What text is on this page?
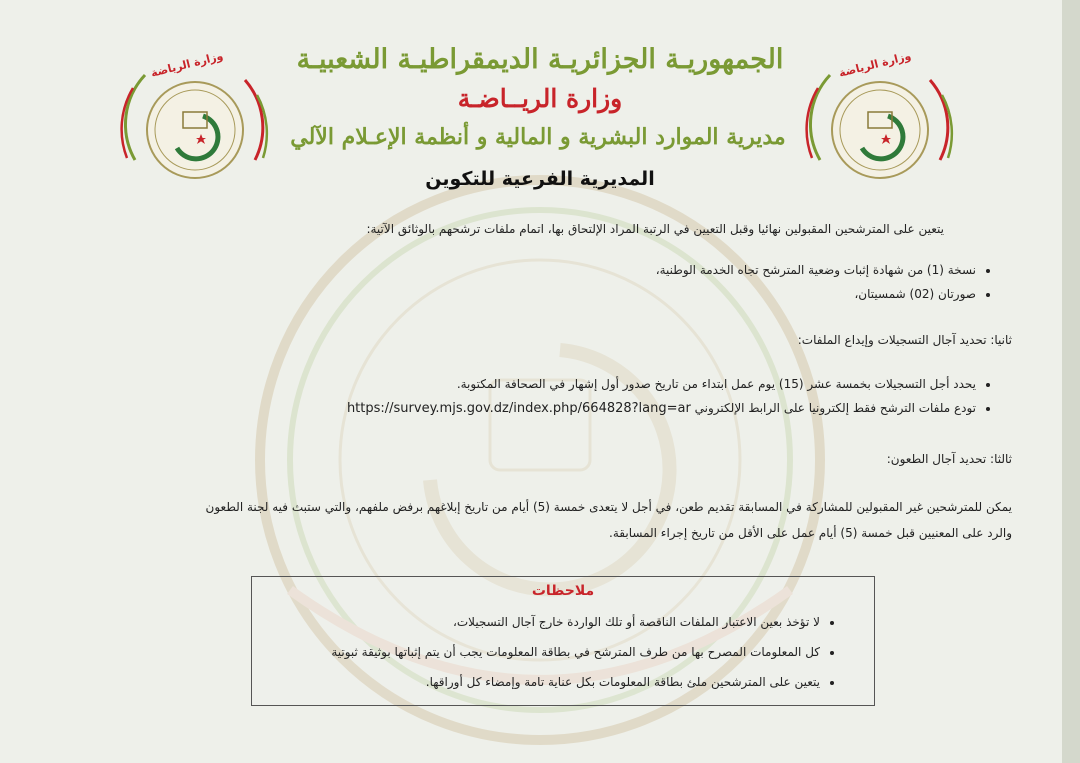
وزارة الرياضة	وزارة الرياضة
الجمهوريـة الجزائريـة الديمقراطيـة الشعبيـة
وزارة الريــاضـة
مديرية الموارد البشرية و المالية و أنظمة الإعـلام الآلي
المديرية الفرعية للتكوين
يتعين على المترشحين المقبولين نهائيا وقبل التعيين في الرتبة المراد الإلتحاق بها، اتمام ملفات ترشحهم بالوثائق الآتية:
• نسخة (1) من شهادة إثبات وضعية المترشح تجاه الخدمة الوطنية،
• صورتان (02) شمسيتان،
ثانيا: تحديد آجال التسجيلات وإيداع الملفات:
• يحدد أجل التسجيلات بخمسة عشر (15) يوم عمل ابتداء من تاريخ صدور أول إشهار في الصحافة المكتوبة.
• تودع ملفات الترشح فقط إلكترونيا على الرابط الإلكتروني https://survey.mjs.gov.dz/index.php/664828?lang=ar
ثالثا: تحديد آجال الطعون:
يمكن للمترشحين غير المقبولين للمشاركة في المسابقة تقديم طعن، في أجل لا يتعدى خمسة (5) أيام من تاريخ إبلاغهم برفض ملفهم، والتي ستبث فيه لجنة الطعون
والرد على المعنيين قبل خمسة (5) أيام عمل على الأقل من تاريخ إجراء المسابقة.
ملاحظات
• لا تؤخذ بعين الاعتبار الملفات الناقصة أو تلك الواردة خارج آجال التسجيلات،
• كل المعلومات المصرح بها من طرف المترشح في بطاقة المعلومات يجب أن يتم إثباتها بوثيقة ثبوتية
• يتعين على المترشحين ملئ بطاقة المعلومات بكل عناية تامة وإمضاء كل أوراقها.
